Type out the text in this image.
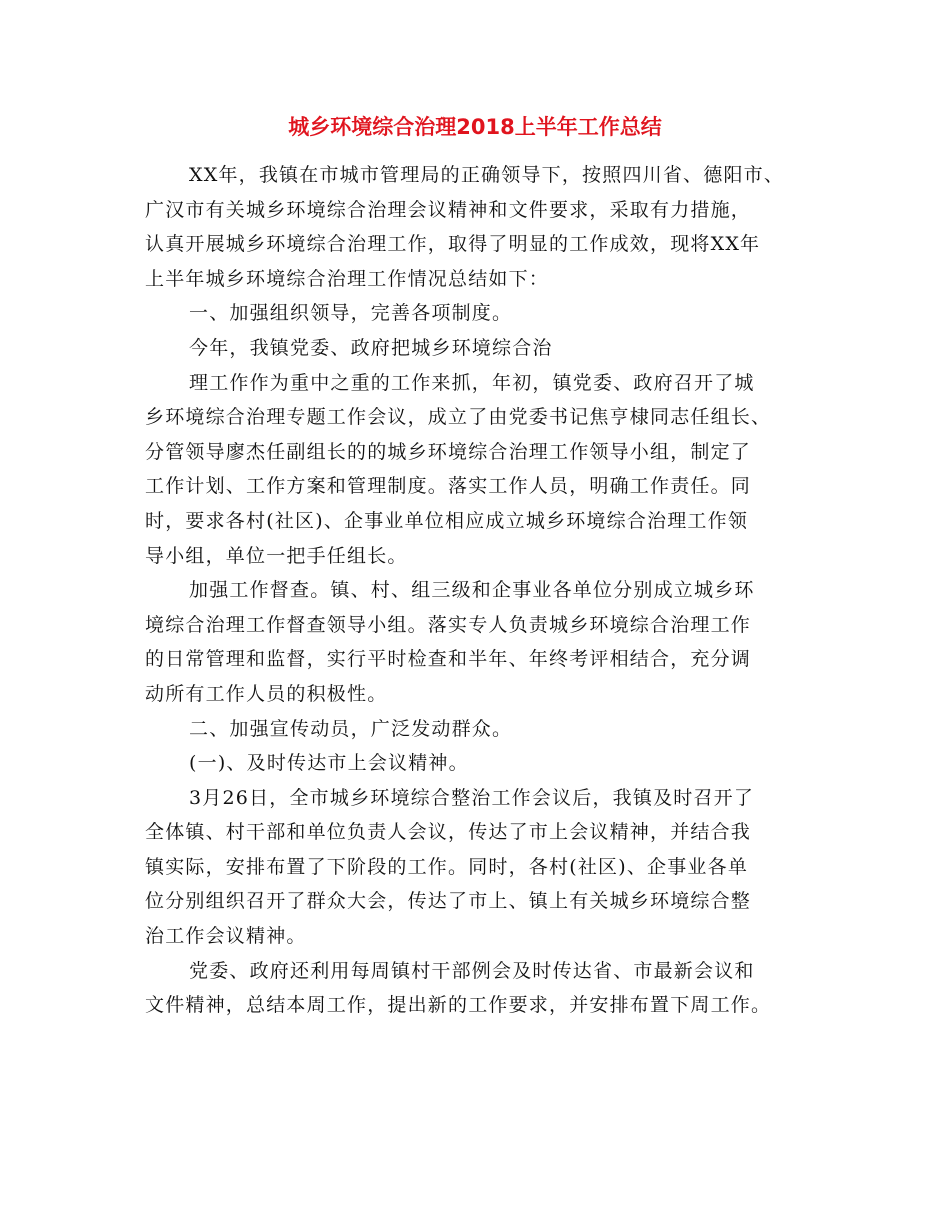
城乡环境综合治理2018上半年工作总结
XX年，我镇在市城市管理局的正确领导下，按照四川省、德阳市、
广汉市有关城乡环境综合治理会议精神和文件要求，采取有力措施，
认真开展城乡环境综合治理工作，取得了明显的工作成效，现将XX年
上半年城乡环境综合治理工作情况总结如下：
一、加强组织领导，完善各项制度。
今年，我镇党委、政府把城乡环境综合治
理工作作为重中之重的工作来抓，年初，镇党委、政府召开了城
乡环境综合治理专题工作会议，成立了由党委书记焦亨棣同志任组长、
分管领导廖杰任副组长的的城乡环境综合治理工作领导小组，制定了
工作计划、工作方案和管理制度。落实工作人员，明确工作责任。同
时，要求各村(社区)、企事业单位相应成立城乡环境综合治理工作领
导小组，单位一把手任组长。
加强工作督查。镇、村、组三级和企事业各单位分别成立城乡环
境综合治理工作督查领导小组。落实专人负责城乡环境综合治理工作
的日常管理和监督，实行平时检查和半年、年终考评相结合，充分调
动所有工作人员的积极性。
二、加强宣传动员，广泛发动群众。
(一)、及时传达市上会议精神。
3月26日，全市城乡环境综合整治工作会议后，我镇及时召开了
全体镇、村干部和单位负责人会议，传达了市上会议精神，并结合我
镇实际，安排布置了下阶段的工作。同时，各村(社区)、企事业各单
位分别组织召开了群众大会，传达了市上、镇上有关城乡环境综合整
治工作会议精神。
党委、政府还利用每周镇村干部例会及时传达省、市最新会议和
文件精神，总结本周工作，提出新的工作要求，并安排布置下周工作。
